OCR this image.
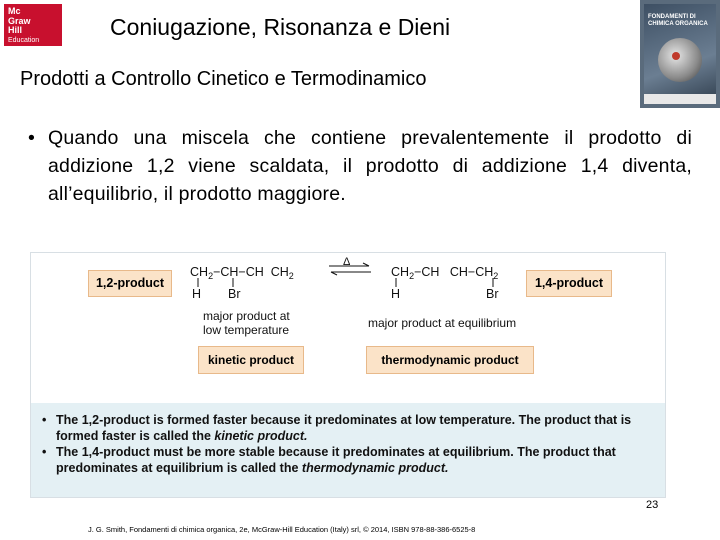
Mc
Graw
Hill
Education	Coniugazione, Risonanza e Dieni
Prodotti a Controllo Cinetico e Termodinamico
FONDAMENTI DI CHIMICA ORGANICA
• Quando una miscela che contiene prevalentemente il prodotto di addizione 1,2 viene scaldata, il prodotto di addizione 1,4 diventa, all’equilibrio, il prodotto maggiore.
1,2-product	1,4-product
$CH_2-CH-CH$  $CH_2$
H Br
Δ
⇌ $CH_2-CH$   $CH-CH_2$
H	Br
major product at
low temperature	major product at equilibrium
kinetic product	thermodynamic product
• The 1,2-product is formed faster because it predominates at low temperature. The product that is formed faster is called the kinetic product.
• The 1,4-product must be more stable because it predominates at equilibrium. The product that predominates at equilibrium is called the thermodynamic product.
23
J. G. Smith, Fondamenti di chimica organica, 2e, McGraw-Hill Education (Italy) srl, © 2014, ISBN 978-88-386-6525-8
